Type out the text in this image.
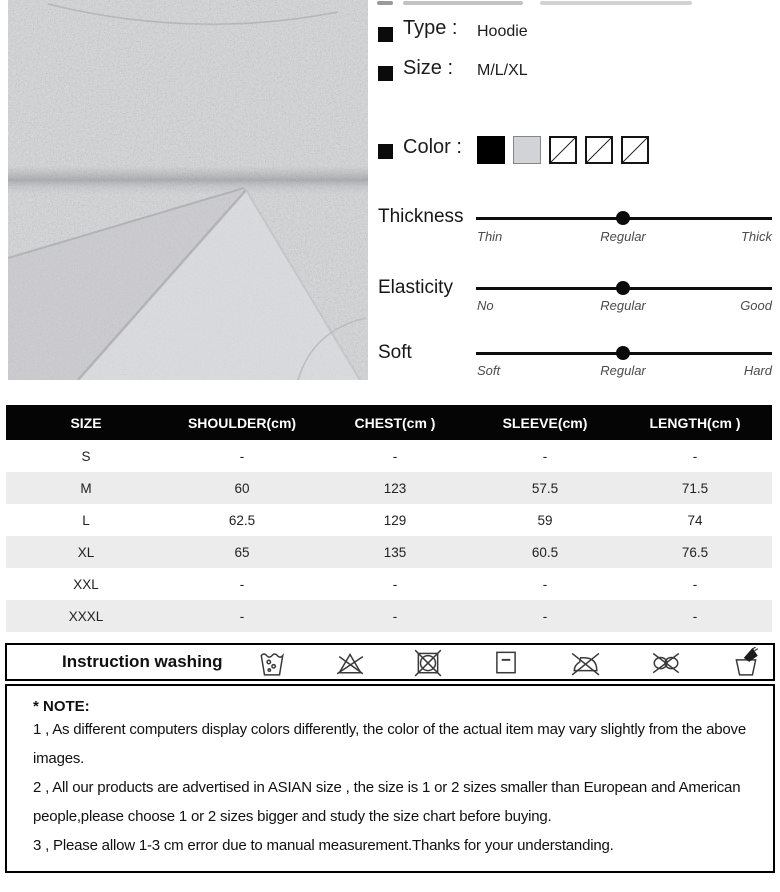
Type : Hoodie
Size : M/L/XL
Color :
Thickness
Thin	Regular	Thick
Elasticity
No	Regular	Good
Soft
Soft	Regular	Hard
SIZE	SHOULDER(cm)	CHEST(cm )	SLEEVE(cm)	LENGTH(cm )
S	-	-	-	-
M	60	123	57.5	71.5
L	62.5	129	59	74
XL	65	135	60.5	76.5
XXL	-	-	-	-
XXXL	-	-	-	-
Instruction washing

* NOTE:

1 , As different computers display colors differently, the color of the actual item may vary slightly from the above images.

2 , All our products are advertised in ASIAN size , the size is 1 or 2 sizes smaller than European and American people,please choose 1 or 2 sizes bigger and study the size chart before buying.

3 , Please allow 1-3 cm error due to manual measurement.Thanks for your understanding.
